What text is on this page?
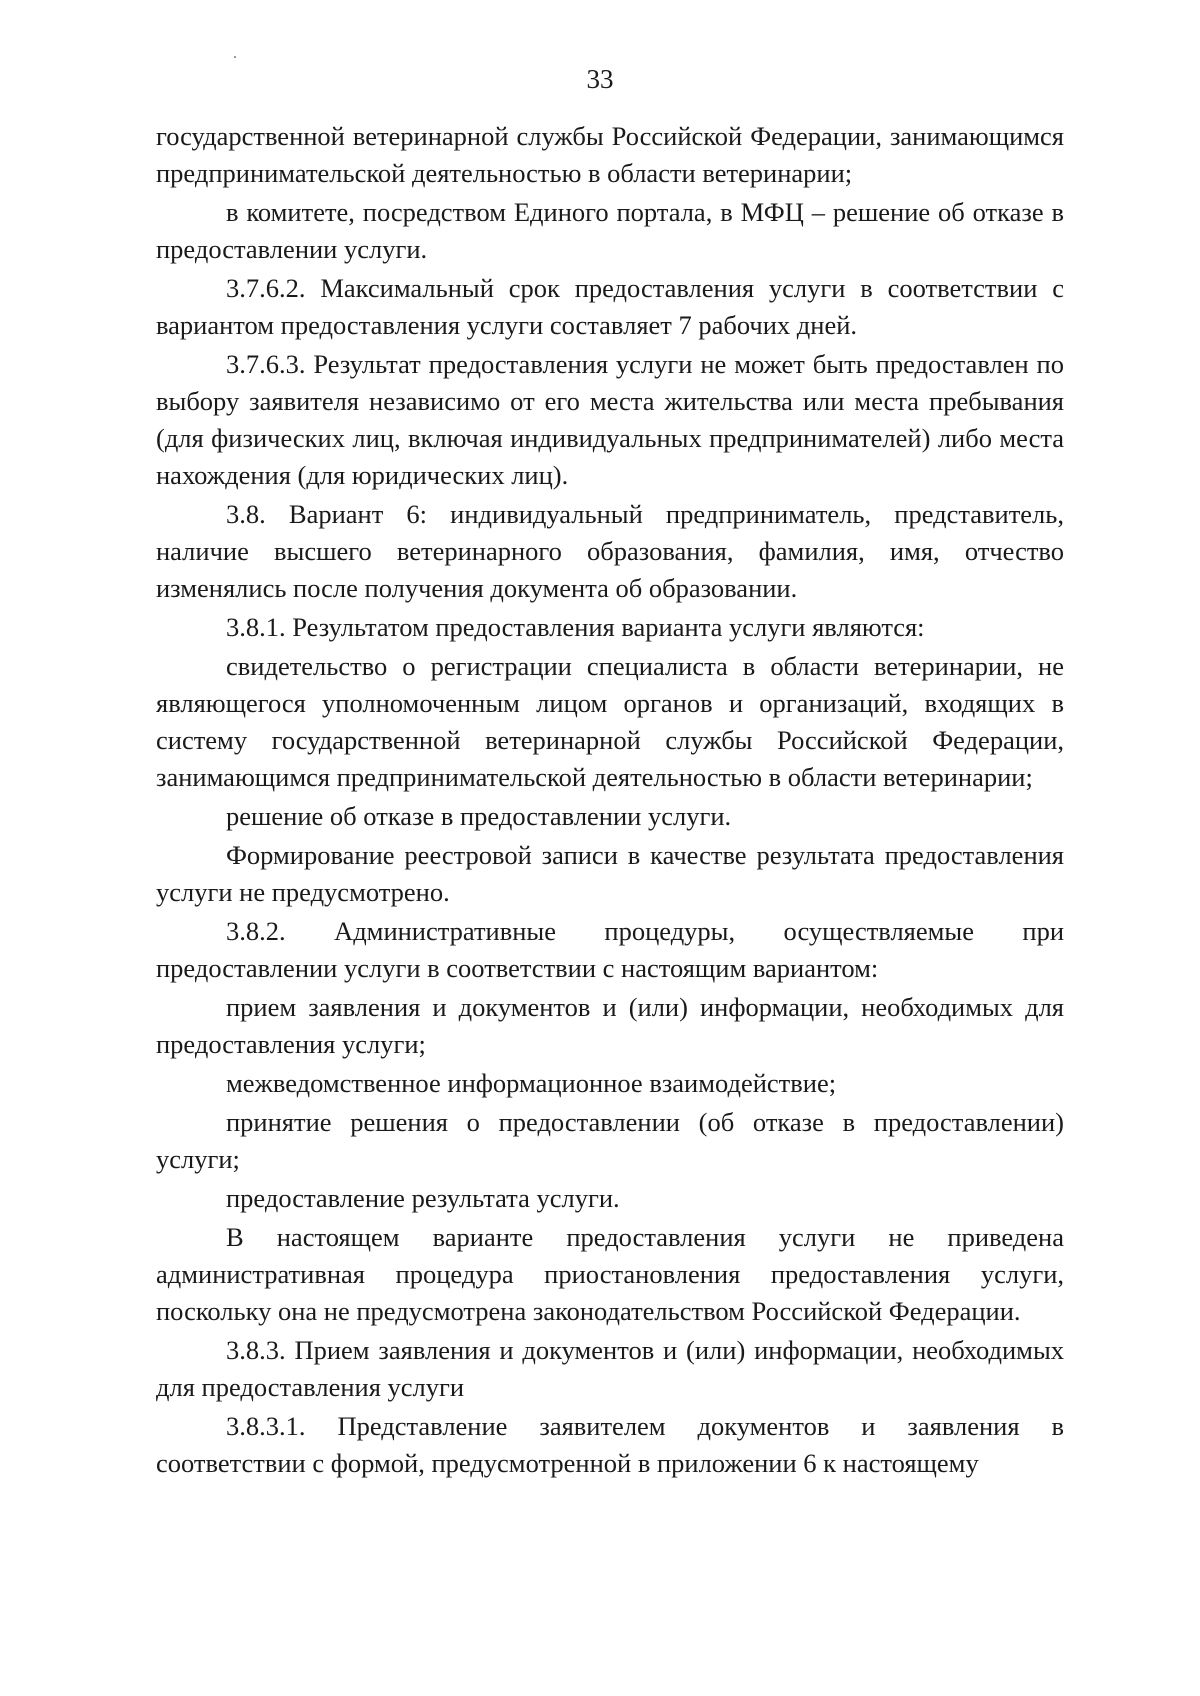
33

государственной ветеринарной службы Российской Федерации, занимающимся предпринимательской деятельностью в области ветеринарии;

в комитете, посредством Единого портала, в МФЦ – решение об отказе в предоставлении услуги.

3.7.6.2. Максимальный срок предоставления услуги в соответствии с вариантом предоставления услуги составляет 7 рабочих дней.

3.7.6.3. Результат предоставления услуги не может быть предоставлен по выбору заявителя независимо от его места жительства или места пребывания (для физических лиц, включая индивидуальных предпринимателей) либо места нахождения (для юридических лиц).

3.8. Вариант 6: индивидуальный предприниматель, представитель, наличие высшего ветеринарного образования, фамилия, имя, отчество изменялись после получения документа об образовании.

3.8.1. Результатом предоставления варианта услуги являются:

свидетельство о регистрации специалиста в области ветеринарии, не являющегося уполномоченным лицом органов и организаций, входящих в систему государственной ветеринарной службы Российской Федерации, занимающимся предпринимательской деятельностью в области ветеринарии;

решение об отказе в предоставлении услуги.

Формирование реестровой записи в качестве результата предоставления услуги не предусмотрено.

3.8.2. Административные процедуры, осуществляемые при предоставлении услуги в соответствии с настоящим вариантом:

прием заявления и документов и (или) информации, необходимых для предоставления услуги;

межведомственное информационное взаимодействие;

принятие решения о предоставлении (об отказе в предоставлении) услуги;

предоставление результата услуги.

В настоящем варианте предоставления услуги не приведена административная процедура приостановления предоставления услуги, поскольку она не предусмотрена законодательством Российской Федерации.

3.8.3. Прием заявления и документов и (или) информации, необходимых для предоставления услуги

3.8.3.1. Представление заявителем документов и заявления в соответствии с формой, предусмотренной в приложении 6 к настоящему
